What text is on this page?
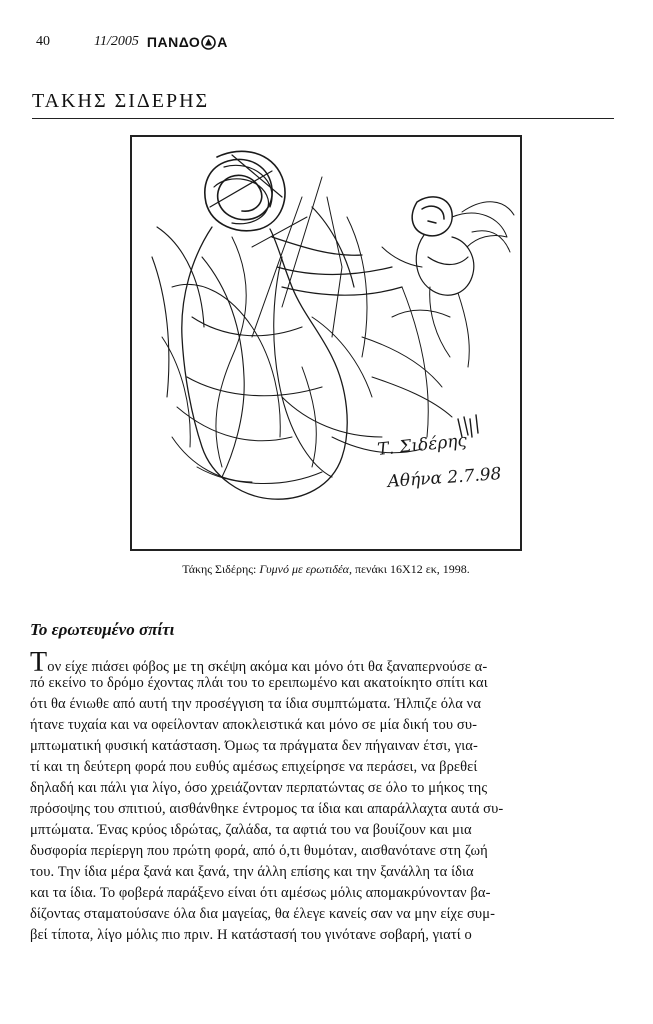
40	11/2005 ΠΑΝΔΟ Α
ΤΑΚΗΣ ΣΙΔΕΡΗΣ
Τ. Σιδέρης
Αθήνα 2.7.98
Τάκης Σιδέρης: Γυμνό με ερωτιδέα, πενάκι 16Χ12 εκ, 1998.
Το ερωτευμένο σπίτι
Τον είχε πιάσει φόβος με τη σκέψη ακόμα και μόνο ότι θα ξαναπερνούσε α-
πό εκείνο το δρόμο έχοντας πλάι του το ερειπωμένο και ακατοίκητο σπίτι και
ότι θα ένιωθε από αυτή την προσέγγιση τα ίδια συμπτώματα. Ήλπιζε όλα να
ήτανε τυχαία και να οφείλονταν αποκλειστικά και μόνο σε μία δική του συ-
μπτωματική φυσική κατάσταση. Όμως τα πράγματα δεν πήγαιναν έτσι, για-
τί και τη δεύτερη φορά που ευθύς αμέσως επιχείρησε να περάσει, να βρεθεί
δηλαδή και πάλι για λίγο, όσο χρειάζονταν περπατώντας σε όλο το μήκος της
πρόσοψης του σπιτιού, αισθάνθηκε έντρομος τα ίδια και απαράλλαχτα αυτά συ-
μπτώματα. Ένας κρύος ιδρώτας, ζαλάδα, τα αφτιά του να βουίζουν και μια
δυσφορία περίεργη που πρώτη φορά, από ό,τι θυμόταν, αισθανότανε στη ζωή
του. Την ίδια μέρα ξανά και ξανά, την άλλη επίσης και την ξανάλλη τα ίδια
και τα ίδια. Το φοβερά παράξενο είναι ότι αμέσως μόλις απομακρύνονταν βα-
δίζοντας σταματούσανε όλα δια μαγείας, θα έλεγε κανείς σαν να μην είχε συμ-
βεί τίποτα, λίγο μόλις πιο πριν. Η κατάστασή του γινότανε σοβαρή, γιατί ο
